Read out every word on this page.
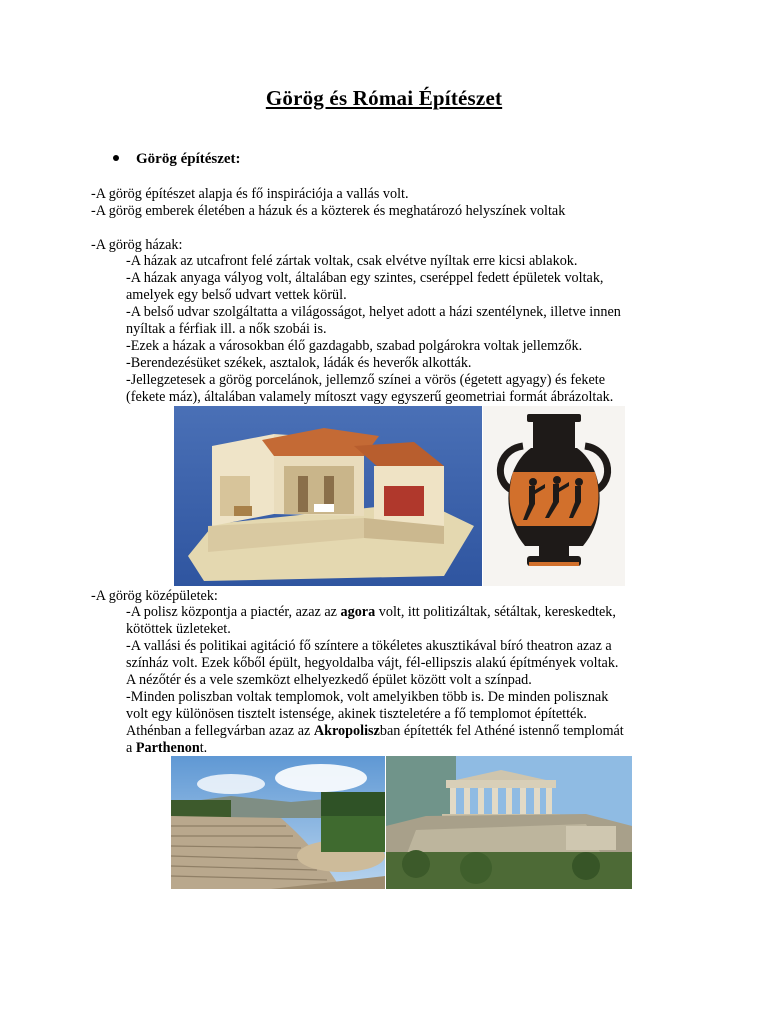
Görög és Római Építészet
Görög építészet:
-A görög építészet alapja és fő inspirációja a vallás volt.
-A görög emberek életében a házuk és a közterek és meghatározó helyszínek voltak
-A görög házak:
-A házak az utcafront felé zártak voltak, csak elvétve nyíltak erre kicsi ablakok.
-A házak anyaga vályog volt, általában egy szintes, cseréppel fedett épületek voltak,
amelyek egy belső udvart vettek körül.
-A belső udvar szolgáltatta a világosságot, helyet adott a házi szentélynek, illetve innen
nyíltak a férfiak ill. a nők szobái is.
-Ezek a házak a városokban élő gazdagabb, szabad polgárokra voltak jellemzők.
-Berendezésüket székek, asztalok, ládák és heverők alkották.
-Jellegzetesek a görög porcelánok, jellemző színei a vörös (égetett agyagy) és fekete
(fekete máz), általában valamely mítoszt vagy egyszerű geometriai formát ábrázoltak.
-A görög középületek:
-A polisz központja a piactér, azaz az agora volt, itt politizáltak, sétáltak, kereskedtek,
kötöttek üzleteket.
-A vallási és politikai agitáció fő színtere a tökéletes akusztikával bíró theatron azaz a
színház volt. Ezek kőből épült, hegyoldalba vájt, fél-ellipszis alakú építmények voltak.
A nézőtér és a vele szemközt elhelyezkedő épület között volt a színpad.
-Minden poliszban voltak templomok, volt amelyikben több is. De minden polisznak
volt egy különösen tisztelt istensége, akinek tiszteletére a fő templomot építették.
Athénban a fellegvárban azaz az Akropoliszban építették fel Athéné istennő templomát
a Parthenont.
